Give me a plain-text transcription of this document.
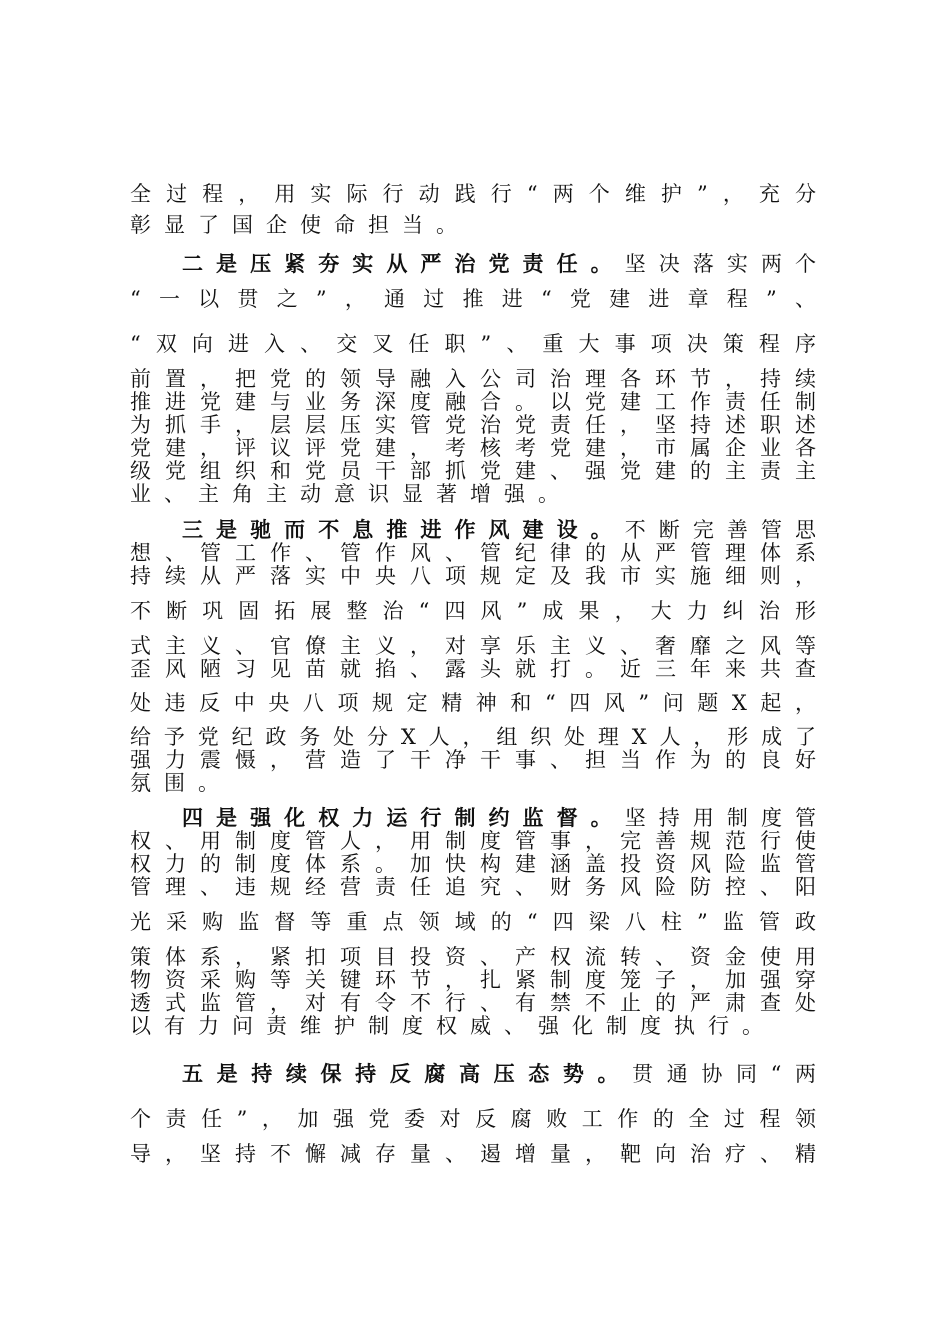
全过程，用实际行动践行“两个维护”，充分
彰显了国企使命担当。
二是压紧夯实从严治党责任。坚决落实两个
“一以贯之”，通过推进“党建进章程”、
“双向进入、交叉任职”、重大事项决策程序
前置，把党的领导融入公司治理各环节，持续
推进党建与业务深度融合。以党建工作责任制
为抓手，层层压实管党治党责任，坚持述职述
党建，评议评党建，考核考党建，市属企业各
级党组织和党员干部抓党建、强党建的主责主
业、主角主动意识显著增强。
三是驰而不息推进作风建设。不断完善管思
想、管工作、管作风、管纪律的从严管理体系
持续从严落实中央八项规定及我市实施细则，
不断巩固拓展整治“四风”成果，大力纠治形
式主义、官僚主义，对享乐主义、奢靡之风等
歪风陋习见苗就掐、露头就打。近三年来共查
处违反中央八项规定精神和“四风”问题X起，
给予党纪政务处分X人，组织处理X人，形成了
强力震慑，营造了干净干事、担当作为的良好
氛围。
四是强化权力运行制约监督。坚持用制度管
权、用制度管人，用制度管事，完善规范行使
权力的制度体系。加快构建涵盖投资风险监管
管理、违规经营责任追究、财务风险防控、阳
光采购监督等重点领域的“四梁八柱”监管政
策体系，紧扣项目投资、产权流转、资金使用
物资采购等关键环节，扎紧制度笼子，加强穿
透式监管，对有令不行、有禁不止的严肃查处
以有力问责维护制度权威、强化制度执行。
五是持续保持反腐高压态势。贯通协同“两
个责任”，加强党委对反腐败工作的全过程领
导，坚持不懈减存量、遏增量，靶向治疗、精
